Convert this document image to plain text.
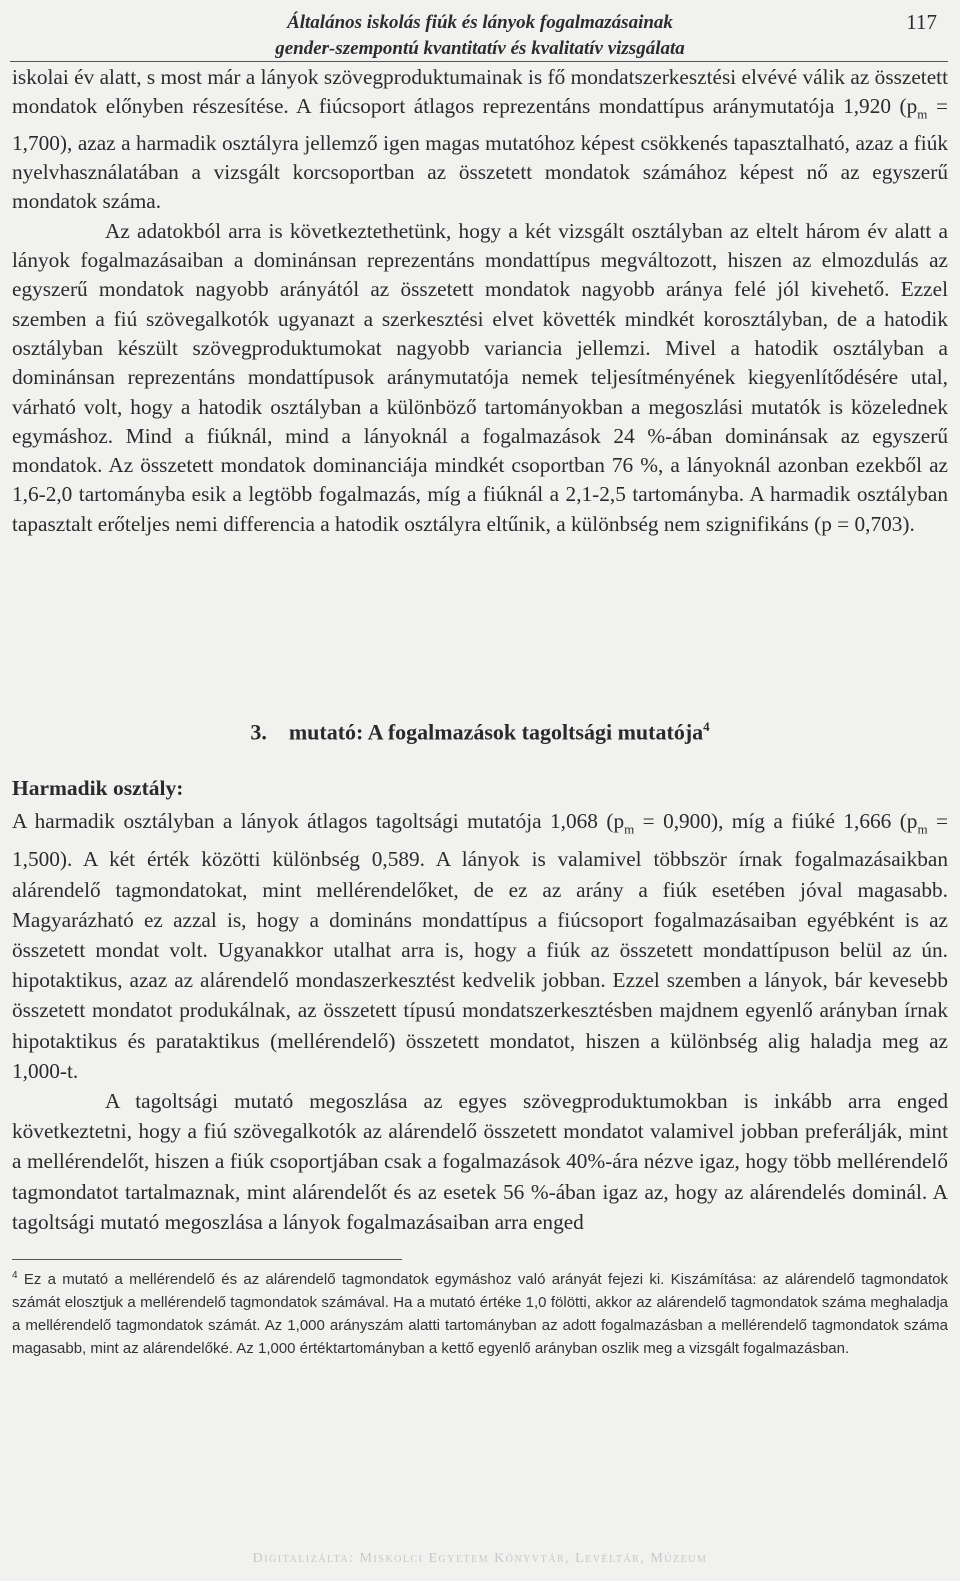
Általános iskolás fiúk és lányok fogalmazásainak
gender-szempontú kvantitatív és kvalitatív vizsgálata
117

iskolai év alatt, s most már a lányok szövegproduktumainak is fő mondatszerkesztési elvévé válik az összetett mondatok előnyben részesítése. A fiúcsoport átlagos reprezentáns mondattípus aránymutatója 1,920 $(p_m = 1,700)$, azaz a harmadik osztályra jellemző igen magas mutatóhoz képest csökkenés tapasztalható, azaz a fiúk nyelvhasználatában a vizsgált korcsoportban az összetett mondatok számához képest nő az egyszerű mondatok száma.

Az adatokból arra is következtethetünk, hogy a két vizsgált osztályban az eltelt három év alatt a lányok fogalmazásaiban a dominánsan reprezentáns mondattípus megváltozott, hiszen az elmozdulás az egyszerű mondatok nagyobb arányától az összetett mondatok nagyobb aránya felé jól kivehető. Ezzel szemben a fiú szövegalkotók ugyanazt a szerkesztési elvet követték mindkét korosztályban, de a hatodik osztályban készült szövegproduktumokat nagyobb variancia jellemzi. Mivel a hatodik osztályban a dominánsan reprezentáns mondattípusok aránymutatója nemek teljesítményének kiegyenlítődésére utal, várható volt, hogy a hatodik osztályban a különböző tartományokban a megoszlási mutatók is közelednek egymáshoz. Mind a fiúknál, mind a lányoknál a fogalmazások 24 %-ában dominánsak az egyszerű mondatok. Az összetett mondatok dominanciája mindkét csoportban 76 %, a lányoknál azonban ezekből az 1,6-2,0 tartományba esik a legtöbb fogalmazás, míg a fiúknál a 2,1-2,5 tartományba. A harmadik osztályban tapasztalt erőteljes nemi differencia a hatodik osztályra eltűnik, a különbség nem szignifikáns (p = 0,703).

3. mutató: A fogalmazások tagoltsági mutatója$^4$
Harmadik osztály:

A harmadik osztályban a lányok átlagos tagoltsági mutatója 1,068 $(p_m = 0,900)$, míg a fiúké 1,666 $(p_m = 1,500)$. A két érték közötti különbség 0,589. A lányok is valamivel többször írnak fogalmazásaikban alárendelő tagmondatokat, mint mellérendelőket, de ez az arány a fiúk esetében jóval magasabb. Magyarázható ez azzal is, hogy a domináns mondattípus a fiúcsoport fogalmazásaiban egyébként is az összetett mondat volt. Ugyanakkor utalhat arra is, hogy a fiúk az összetett mondattípuson belül az ún. hipotaktikus, azaz az alárendelő mondaszerkesztést kedvelik jobban. Ezzel szemben a lányok, bár kevesebb összetett mondatot produkálnak, az összetett típusú mondatszerkesztésben majdnem egyenlő arányban írnak hipotaktikus és parataktikus (mellérendelő) összetett mondatot, hiszen a különbség alig haladja meg az 1,000-t.

A tagoltsági mutató megoszlása az egyes szövegproduktumokban is inkább arra enged következtetni, hogy a fiú szövegalkotók az alárendelő összetett mondatot valamivel jobban preferálják, mint a mellérendelőt, hiszen a fiúk csoportjában csak a fogalmazások 40%-ára nézve igaz, hogy több mellérendelő tagmondatot tartalmaznak, mint alárendelőt és az esetek 56 %-ában igaz az, hogy az alárendelés dominál. A tagoltsági mutató megoszlása a lányok fogalmazásaiban arra enged

$^4$ Ez a mutató a mellérendelő és az alárendelő tagmondatok egymáshoz való arányát fejezi ki. Kiszámítása: az alárendelő tagmondatok számát elosztjuk a mellérendelő tagmondatok számával. Ha a mutató értéke 1,0 fölötti, akkor az alárendelő tagmondatok száma meghaladja a mellérendelő tagmondatok számát. Az 1,000 arányszám alatti tartományban az adott fogalmazásban a mellérendelő tagmondatok száma magasabb, mint az alárendelőké. Az 1,000 értéktartományban a kettő egyenlő arányban oszlik meg a vizsgált fogalmazásban.
Digitalizálta: Miskolci Egyetem Könyvtár, Levéltár, Múzeum
